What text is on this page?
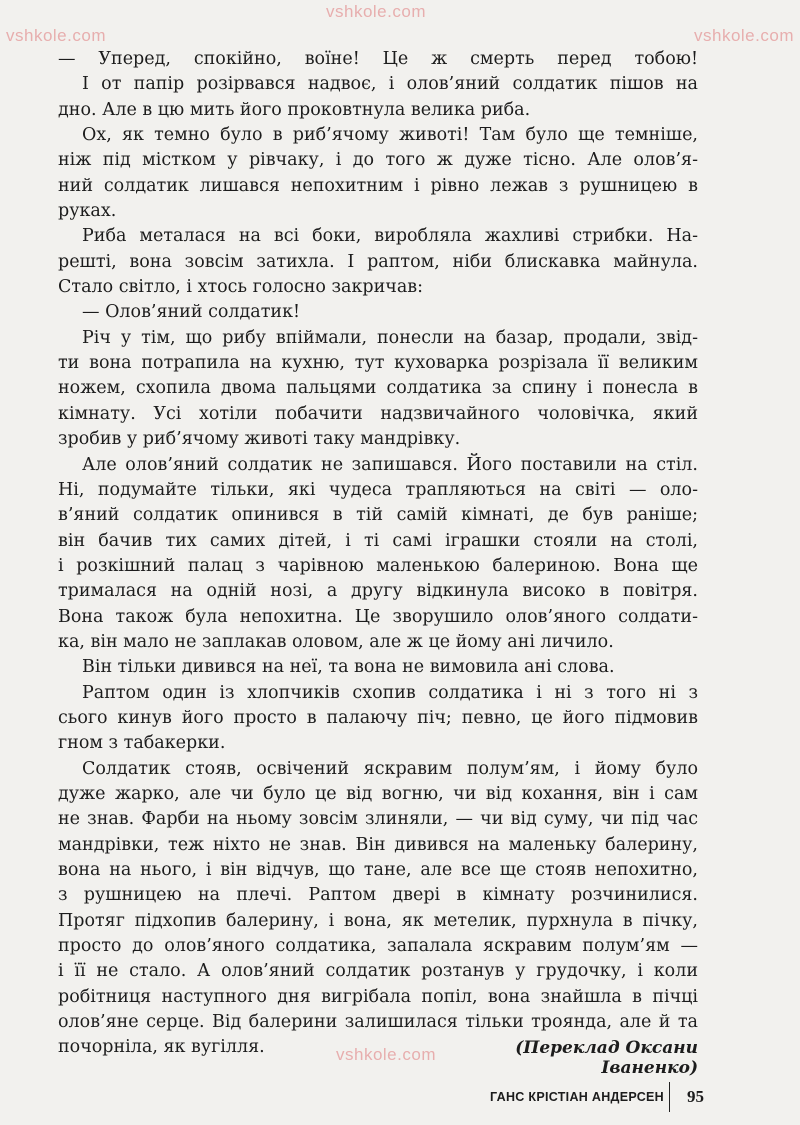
vshkole.com
vshkole.com
vshkole.com
vshkole.com
— Уперед, спокійно, воїне! Це ж смерть перед тобою!
І от папір розірвався надвоє, і олов’яний солдатик пішов на
дно. Але в цю мить його проковтнула велика риба.
Ох, як темно було в риб’ячому животі! Там було ще темніше,
ніж під містком у рівчаку, і до того ж дуже тісно. Але олов’я-
ний солдатик лишався непохитним і рівно лежав з рушницею в
руках.
Риба металася на всі боки, виробляла жахливі стрибки. На-
решті, вона зовсім затихла. І раптом, ніби блискавка майнула.
Стало світло, і хтось голосно закричав:
— Олов’яний солдатик!
Річ у тім, що рибу впіймали, понесли на базар, продали, звід-
ти вона потрапила на кухню, тут куховарка розрізала її великим
ножем, схопила двома пальцями солдатика за спину і понесла в
кімнату. Усі хотіли побачити надзвичайного чоловічка, який
зробив у риб’ячому животі таку мандрівку.
Але олов’яний солдатик не запишався. Його поставили на стіл.
Ні, подумайте тільки, які чудеса трапляються на світі — оло-
в’яний солдатик опинився в тій самій кімнаті, де був раніше;
він бачив тих самих дітей, і ті самі іграшки стояли на столі,
і розкішний палац з чарівною маленькою балериною. Вона ще
трималася на одній нозі, а другу відкинула високо в повітря.
Вона також була непохитна. Це зворушило олов’яного солдати-
ка, він мало не заплакав оловом, але ж це йому ані личило.
Він тільки дивився на неї, та вона не вимовила ані слова.
Раптом один із хлопчиків схопив солдатика і ні з того ні з
сього кинув його просто в палаючу піч; певно, це його підмовив
гном з табакерки.
Солдатик стояв, освічений яскравим полум’ям, і йому було
дуже жарко, але чи було це від вогню, чи від кохання, він і сам
не знав. Фарби на ньому зовсім злиняли, — чи від суму, чи під час
мандрівки, теж ніхто не знав. Він дивився на маленьку балерину,
вона на нього, і він відчув, що тане, але все ще стояв непохитно,
з рушницею на плечі. Раптом двері в кімнату розчинилися.
Протяг підхопив балерину, і вона, як метелик, пурхнула в пічку,
просто до олов’яного солдатика, запалала яскравим полум’ям —
і її не стало. А олов’яний солдатик розтанув у грудочку, і коли
робітниця наступного дня вигрібала попіл, вона знайшла в пічці
олов’яне серце. Від балерини залишилася тільки троянда, але й та
почорніла, як вугілля.	(Переклад Оксани Іваненко)
ГАНС КРІСТІАН АНДЕРСЕН 95
